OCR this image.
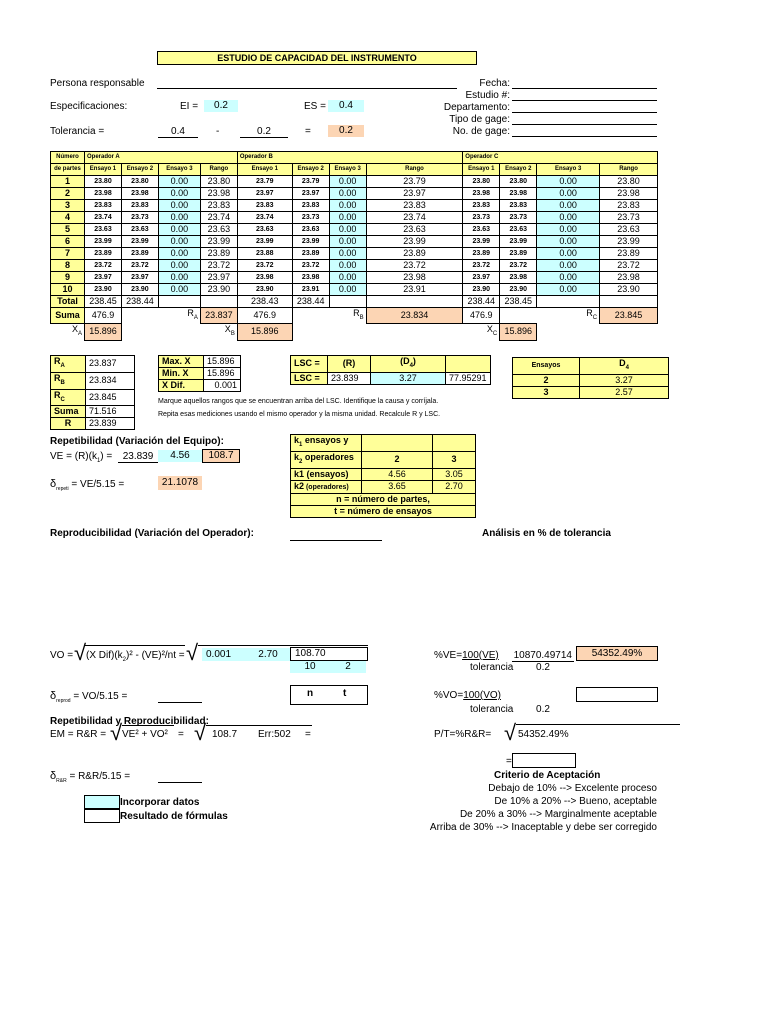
ESTUDIO DE CAPACIDAD DEL INSTRUMENTO
Persona responsable
Especificaciones:	EI =	0.2	ES =	0.4
Tolerancia =	0.4	-	0.2	=	0.2
Fecha:
Estudio #:
Departamento:
Tipo de gage:
No. de gage:
Número	Operador A				Operador B				Operador C			
de partes	Ensayo 1	Ensayo 2	Ensayo 3	Rango	Ensayo 1	Ensayo 2	Ensayo 3	Rango	Ensayo 1	Ensayo 2	Ensayo 3	Rango
1	23.80	23.80	0.00	23.80	23.79	23.79	0.00	23.79	23.80	23.80	0.00	23.80
2	23.98	23.98	0.00	23.98	23.97	23.97	0.00	23.97	23.98	23.98	0.00	23.98
3	23.83	23.83	0.00	23.83	23.83	23.83	0.00	23.83	23.83	23.83	0.00	23.83
4	23.74	23.73	0.00	23.74	23.74	23.73	0.00	23.74	23.73	23.73	0.00	23.73
5	23.63	23.63	0.00	23.63	23.63	23.63	0.00	23.63	23.63	23.63	0.00	23.63
6	23.99	23.99	0.00	23.99	23.99	23.99	0.00	23.99	23.99	23.99	0.00	23.99
7	23.89	23.89	0.00	23.89	23.88	23.89	0.00	23.89	23.89	23.89	0.00	23.89
8	23.72	23.72	0.00	23.72	23.72	23.72	0.00	23.72	23.72	23.72	0.00	23.72
9	23.97	23.97	0.00	23.97	23.98	23.98	0.00	23.98	23.97	23.98	0.00	23.98
10	23.90	23.90	0.00	23.90	23.90	23.91	0.00	23.91	23.90	23.90	0.00	23.90
Total	238.45	238.44			238.43	238.44			238.44	238.45		
Suma	476.9		$R_A$	23.837	476.9		$R_B$	23.834	476.9		$R_C$	23.845
$X_A$	15.896			$X_B$	15.896				$X_C$	15.896		
$R_A$	23.837
$R_B$	23.834
$R_C$	23.845
Suma	71.516
R	23.839
Max. X	15.896
Min. X	15.896
X Dif.	0.001
LSC =	(R)	$(D_4)$	
LSC =	23.839	3.27	77.95291
Marque aquellos rangos que se encuentran arriba del LSC. Identifique la causa y corríjala.
Repita esas mediciones usando el mismo operador y la misma unidad. Recalcule R y LSC.
Ensayos	$D_4$
2	3.27
3	2.57
Repetibilidad (Variación del Equipo):
VE = $(R)(k_1)$ =	23.839	4.56	108.7
$\delta_{repeti} = VE/5.15$ =	21.1078
$k_1$ ensayos y		
$k_2$ operadores	2	3
k1 (ensayos)	4.56	3.05
k2 (operadores)	3.65	2.70
n = número de partes,		
t = número de ensayos		
Reproducibilidad (Variación del Operador):	Análisis en % de tolerancia
VO = √ (X $Dif)(k_2)^2 - (VE)^2/nt$ = √ 0.001	2.70	108.70
10	2
%VE=100(VE)
tolerancia
10870.49714
0.2
54352.49%
$\delta_{reprod} = VO/5.15$ =	n	t	%VO=100(VO)
tolerancia	0.2
Repetibilidad y Reproducibilidad:
EM = R&R = √ VE² + VO² = √ 108.7 Err:502 =	P/T=%R&R= √ 54352.49%
=
$\delta_{R\&R}$ = R&R/5.15 =	Criterio de Aceptación
Debajo de 10% --> Excelente proceso
De 10% a 20% --> Bueno, aceptable
De 20% a 30% --> Marginalmente aceptable
Arriba de 30% --> Inaceptable y debe ser corregido
Incorporar datos
Resultado de fórmulas
